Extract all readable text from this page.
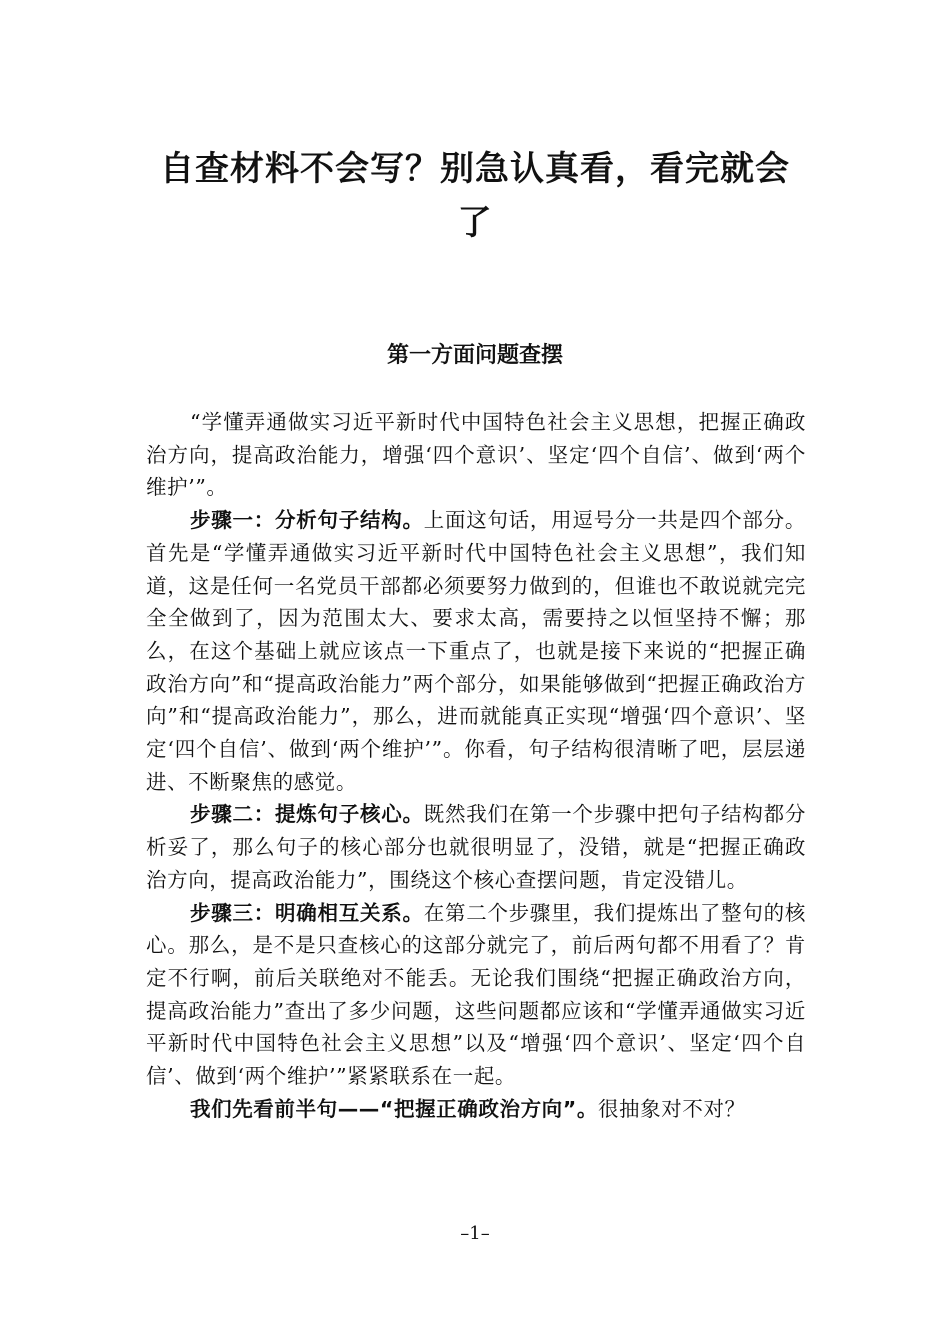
自查材料不会写？别急认真看，看完就会了
第一方面问题查摆

“学懂弄通做实习近平新时代中国特色社会主义思想，把握正确政治方向，提高政治能力，增强‘四个意识’、坚定‘四个自信’、做到‘两个维护’”。

步骤一：分析句子结构。上面这句话，用逗号分一共是四个部分。首先是“学懂弄通做实习近平新时代中国特色社会主义思想”，我们知道，这是任何一名党员干部都必须要努力做到的，但谁也不敢说就完完全全做到了，因为范围太大、要求太高，需要持之以恒坚持不懈；那么，在这个基础上就应该点一下重点了，也就是接下来说的“把握正确政治方向”和“提高政治能力”两个部分，如果能够做到“把握正确政治方向”和“提高政治能力”，那么，进而就能真正实现“增强‘四个意识’、坚定‘四个自信’、做到‘两个维护’”。你看，句子结构很清晰了吧，层层递进、不断聚焦的感觉。

步骤二：提炼句子核心。既然我们在第一个步骤中把句子结构都分析妥了，那么句子的核心部分也就很明显了，没错，就是“把握正确政治方向，提高政治能力”，围绕这个核心查摆问题，肯定没错儿。

步骤三：明确相互关系。在第二个步骤里，我们提炼出了整句的核心。那么，是不是只查核心的这部分就完了，前后两句都不用看了？肯定不行啊，前后关联绝对不能丢。无论我们围绕“把握正确政治方向，提高政治能力”查出了多少问题，这些问题都应该和“学懂弄通做实习近平新时代中国特色社会主义思想”以及“增强‘四个意识’、坚定‘四个自信’、做到‘两个维护’”紧紧联系在一起。

我们先看前半句——“把握正确政治方向”。很抽象对不对？

–1–
